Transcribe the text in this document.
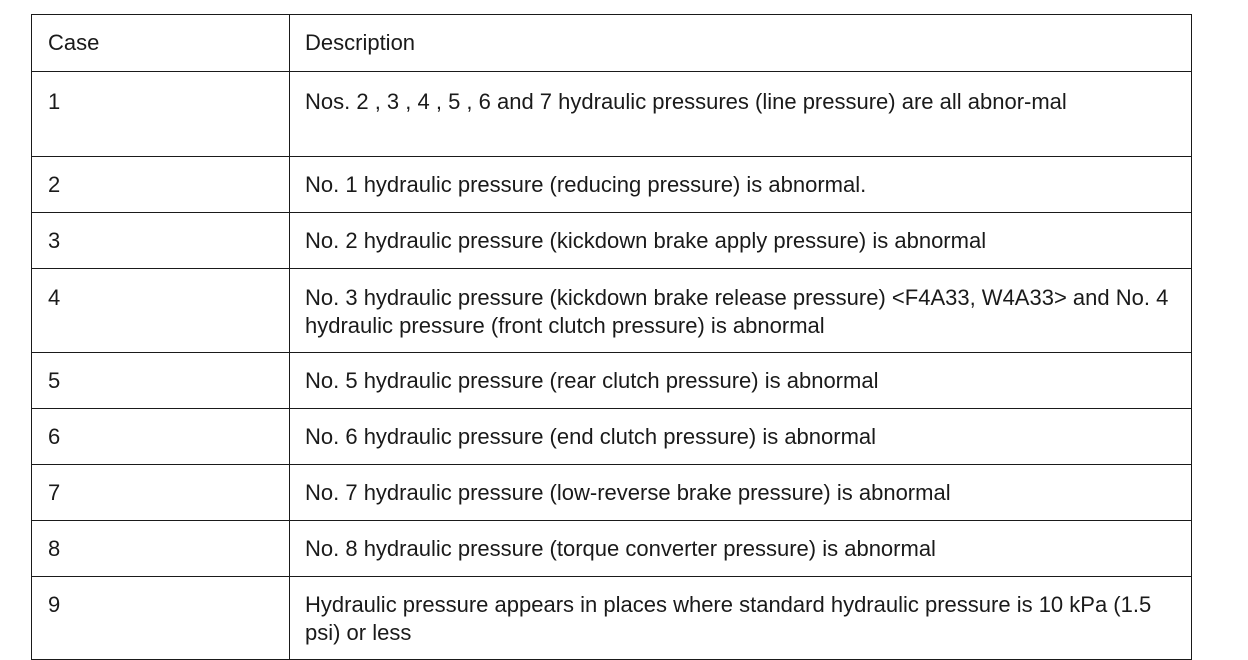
Case	Description
1	Nos. 2 , 3 , 4 , 5 , 6 and 7 hydraulic pressures (line pressure) are all abnor-mal
2	No. 1 hydraulic pressure (reducing pressure) is abnormal.
3	No. 2 hydraulic pressure (kickdown brake apply pressure) is abnormal
4	No. 3 hydraulic pressure (kickdown brake release pressure) <F4A33, W4A33> and No. 4 hydraulic pressure (front clutch pressure) is abnormal
5	No. 5 hydraulic pressure (rear clutch pressure) is abnormal
6	No. 6 hydraulic pressure (end clutch pressure) is abnormal
7	No. 7 hydraulic pressure (low-reverse brake pressure) is abnormal
8	No. 8 hydraulic pressure (torque converter pressure) is abnormal
9	Hydraulic pressure appears in places where standard hydraulic pressure is 10 kPa (1.5 psi) or less
